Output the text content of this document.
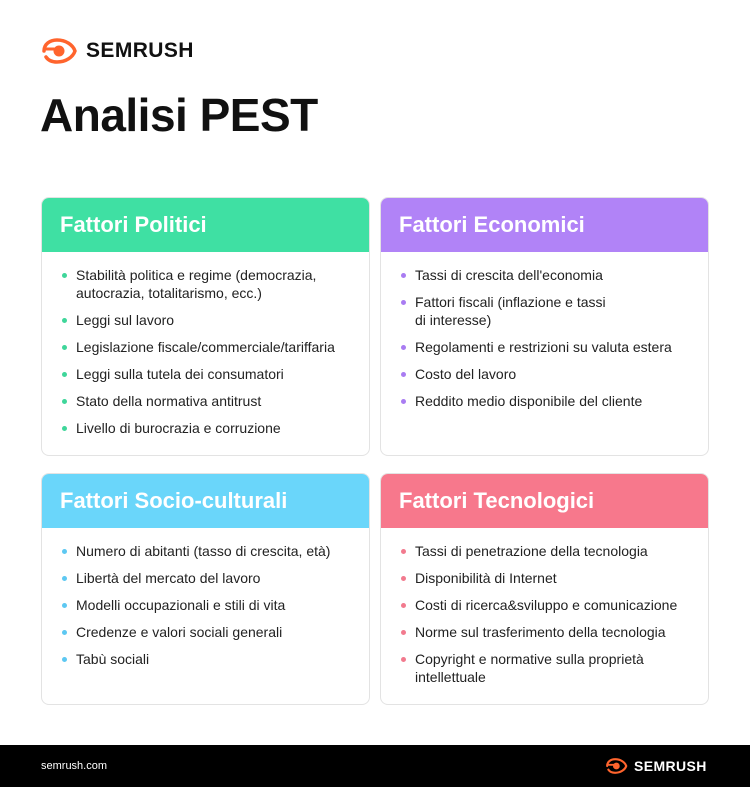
SEMRUSH
Analisi PEST
Fattori Politici
Stabilità politica e regime (democrazia, autocrazia, totalitarismo, ecc.)
Leggi sul lavoro
Legislazione fiscale/commerciale/tariffaria
Leggi sulla tutela dei consumatori
Stato della normativa antitrust
Livello di burocrazia e corruzione
Fattori Economici
Tassi di crescita dell'economia
Fattori fiscali (inflazione e tassi di interesse)
Regolamenti e restrizioni su valuta estera
Costo del lavoro
Reddito medio disponibile del cliente
Fattori Socio-culturali
Numero di abitanti (tasso di crescita, età)
Libertà del mercato del lavoro
Modelli occupazionali e stili di vita
Credenze e valori sociali generali
Tabù sociali
Fattori Tecnologici
Tassi di penetrazione della tecnologia
Disponibilità di Internet
Costi di ricerca&sviluppo e comunicazione
Norme sul trasferimento della tecnologia
Copyright e normative sulla proprietà intellettuale
semrush.com	SEMRUSH
